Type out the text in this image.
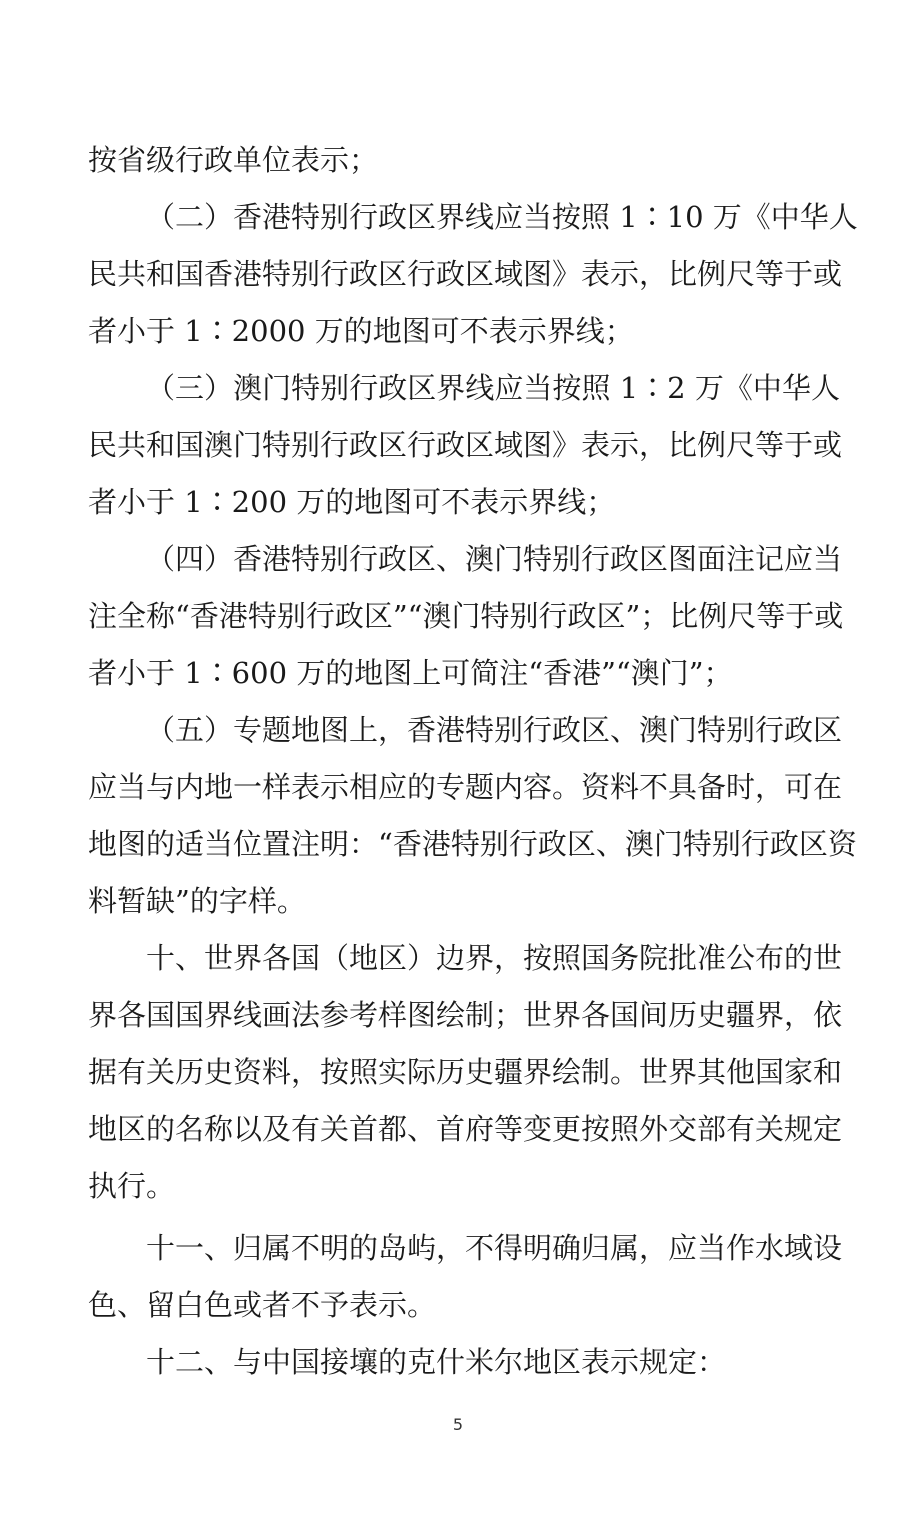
按省级行政单位表示；
（二）香港特别行政区界线应当按照 1∶10 万《中华人
民共和国香港特别行政区行政区域图》表示，比例尺等于或
者小于 1∶2000 万的地图可不表示界线；
（三）澳门特别行政区界线应当按照 1∶2 万《中华人
民共和国澳门特别行政区行政区域图》表示，比例尺等于或
者小于 1∶200 万的地图可不表示界线；
（四）香港特别行政区、澳门特别行政区图面注记应当
注全称“香港特别行政区”“澳门特别行政区”；比例尺等于或
者小于 1∶600 万的地图上可简注“香港”“澳门”；
（五）专题地图上，香港特别行政区、澳门特别行政区
应当与内地一样表示相应的专题内容。资料不具备时，可在
地图的适当位置注明：“香港特别行政区、澳门特别行政区资
料暂缺”的字样。
十、世界各国（地区）边界，按照国务院批准公布的世
界各国国界线画法参考样图绘制；世界各国间历史疆界，依
据有关历史资料，按照实际历史疆界绘制。世界其他国家和
地区的名称以及有关首都、首府等变更按照外交部有关规定
执行。
十一、归属不明的岛屿，不得明确归属，应当作水域设
色、留白色或者不予表示。
十二、与中国接壤的克什米尔地区表示规定：
5
